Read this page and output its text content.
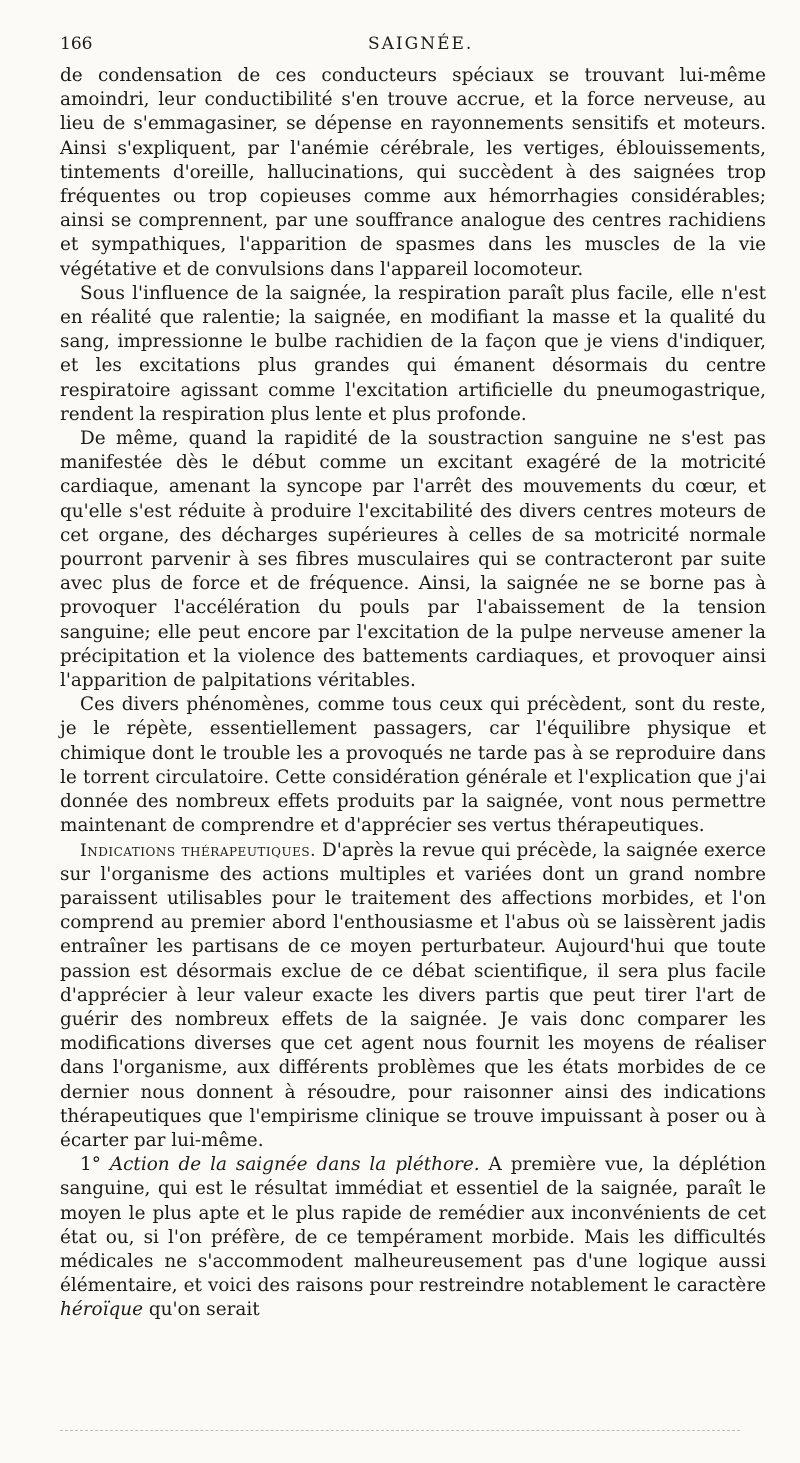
166	SAIGNÉE.

de condensation de ces conducteurs spéciaux se trouvant lui-même amoindri, leur conductibilité s'en trouve accrue, et la force nerveuse, au lieu de s'emmagasiner, se dépense en rayonnements sensitifs et moteurs. Ainsi s'expliquent, par l'anémie cérébrale, les vertiges, éblouissements, tintements d'oreille, hallucinations, qui succèdent à des saignées trop fréquentes ou trop copieuses comme aux hémorrhagies considérables; ainsi se comprennent, par une souffrance analogue des centres rachidiens et sympathiques, l'apparition de spasmes dans les muscles de la vie végétative et de convulsions dans l'appareil locomoteur.

Sous l'influence de la saignée, la respiration paraît plus facile, elle n'est en réalité que ralentie; la saignée, en modifiant la masse et la qualité du sang, impressionne le bulbe rachidien de la façon que je viens d'indiquer, et les excitations plus grandes qui émanent désormais du centre respiratoire agissant comme l'excitation artificielle du pneumogastrique, rendent la respiration plus lente et plus profonde.

De même, quand la rapidité de la soustraction sanguine ne s'est pas manifestée dès le début comme un excitant exagéré de la motricité cardiaque, amenant la syncope par l'arrêt des mouvements du cœur, et qu'elle s'est réduite à produire l'excitabilité des divers centres moteurs de cet organe, des décharges supérieures à celles de sa motricité normale pourront parvenir à ses fibres musculaires qui se contracteront par suite avec plus de force et de fréquence. Ainsi, la saignée ne se borne pas à provoquer l'accélération du pouls par l'abaissement de la tension sanguine; elle peut encore par l'excitation de la pulpe nerveuse amener la précipitation et la violence des battements cardiaques, et provoquer ainsi l'apparition de palpitations véritables.

Ces divers phénomènes, comme tous ceux qui précèdent, sont du reste, je le répète, essentiellement passagers, car l'équilibre physique et chimique dont le trouble les a provoqués ne tarde pas à se reproduire dans le torrent circulatoire. Cette considération générale et l'explication que j'ai donnée des nombreux effets produits par la saignée, vont nous permettre maintenant de comprendre et d'apprécier ses vertus thérapeutiques.

Indications thérapeutiques. D'après la revue qui précède, la saignée exerce sur l'organisme des actions multiples et variées dont un grand nombre paraissent utilisables pour le traitement des affections morbides, et l'on comprend au premier abord l'enthousiasme et l'abus où se laissèrent jadis entraîner les partisans de ce moyen perturbateur. Aujourd'hui que toute passion est désormais exclue de ce débat scientifique, il sera plus facile d'apprécier à leur valeur exacte les divers partis que peut tirer l'art de guérir des nombreux effets de la saignée. Je vais donc comparer les modifications diverses que cet agent nous fournit les moyens de réaliser dans l'organisme, aux différents problèmes que les états morbides de ce dernier nous donnent à résoudre, pour raisonner ainsi des indications thérapeutiques que l'empirisme clinique se trouve impuissant à poser ou à écarter par lui-même.

1° Action de la saignée dans la pléthore. A première vue, la déplétion sanguine, qui est le résultat immédiat et essentiel de la saignée, paraît le moyen le plus apte et le plus rapide de remédier aux inconvénients de cet état ou, si l'on préfère, de ce tempérament morbide. Mais les difficultés médicales ne s'accommodent malheureusement pas d'une logique aussi élémentaire, et voici des raisons pour restreindre notablement le caractère héroïque qu'on serait
